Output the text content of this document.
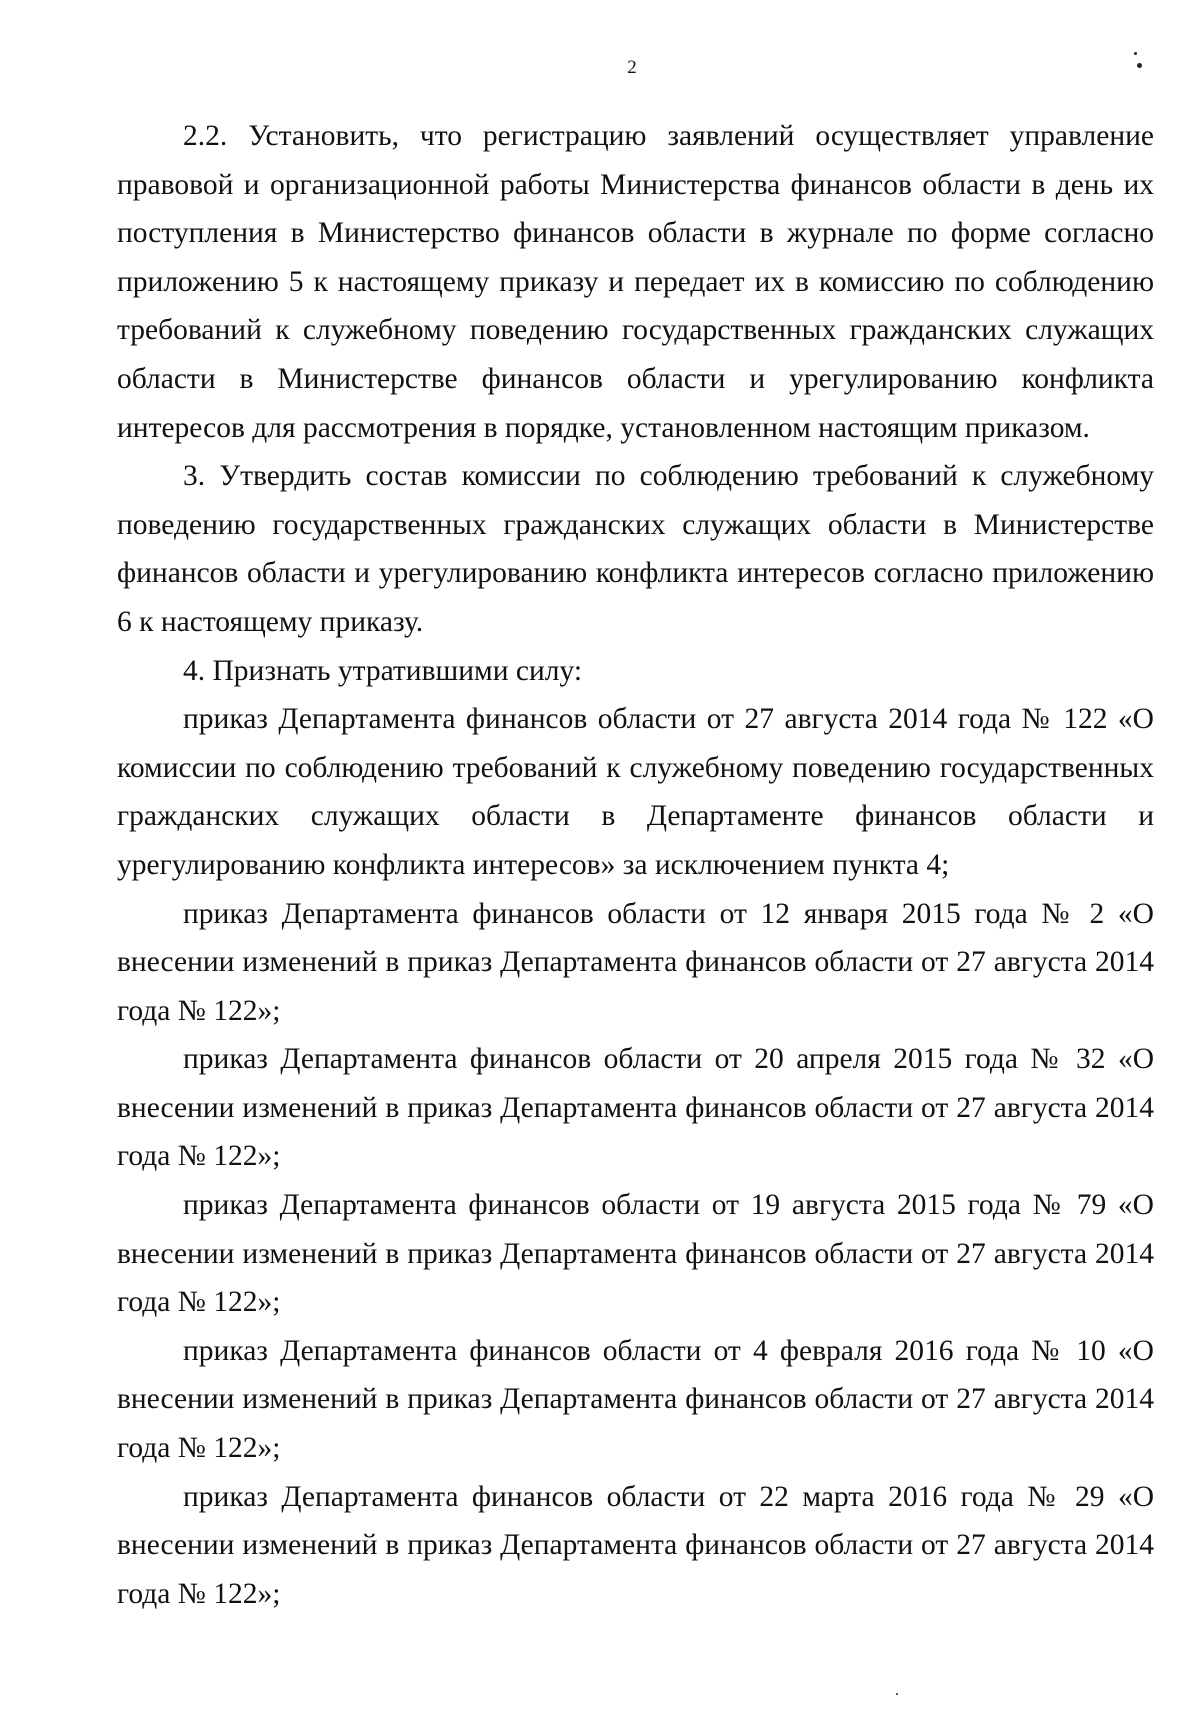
2

2.2. Установить, что регистрацию заявлений осуществляет управление правовой и организационной работы Министерства финансов области в день их поступления в Министерство финансов области в журнале по форме согласно приложению 5 к настоящему приказу и передает их в комиссию по соблюдению требований к служебному поведению государственных гражданских служащих области в Министерстве финансов области и урегулированию конфликта интересов для рассмотрения в порядке, установленном настоящим приказом.

3. Утвердить состав комиссии по соблюдению требований к служебному поведению государственных гражданских служащих области в Министерстве финансов области и урегулированию конфликта интересов согласно приложению 6 к настоящему приказу.

4. Признать утратившими силу:

приказ Департамента финансов области от 27 августа 2014 года № 122 «О комиссии по соблюдению требований к служебному поведению государственных гражданских служащих области в Департаменте финансов области и урегулированию конфликта интересов» за исключением пункта 4;

приказ Департамента финансов области от 12 января 2015 года № 2 «О внесении изменений в приказ Департамента финансов области от 27 августа 2014 года № 122»;

приказ Департамента финансов области от 20 апреля 2015 года № 32 «О внесении изменений в приказ Департамента финансов области от 27 августа 2014 года № 122»;

приказ Департамента финансов области от 19 августа 2015 года № 79 «О внесении изменений в приказ Департамента финансов области от 27 августа 2014 года № 122»;

приказ Департамента финансов области от 4 февраля 2016 года № 10 «О внесении изменений в приказ Департамента финансов области от 27 августа 2014 года № 122»;

приказ Департамента финансов области от 22 марта 2016 года № 29 «О внесении изменений в приказ Департамента финансов области от 27 августа 2014 года № 122»;
